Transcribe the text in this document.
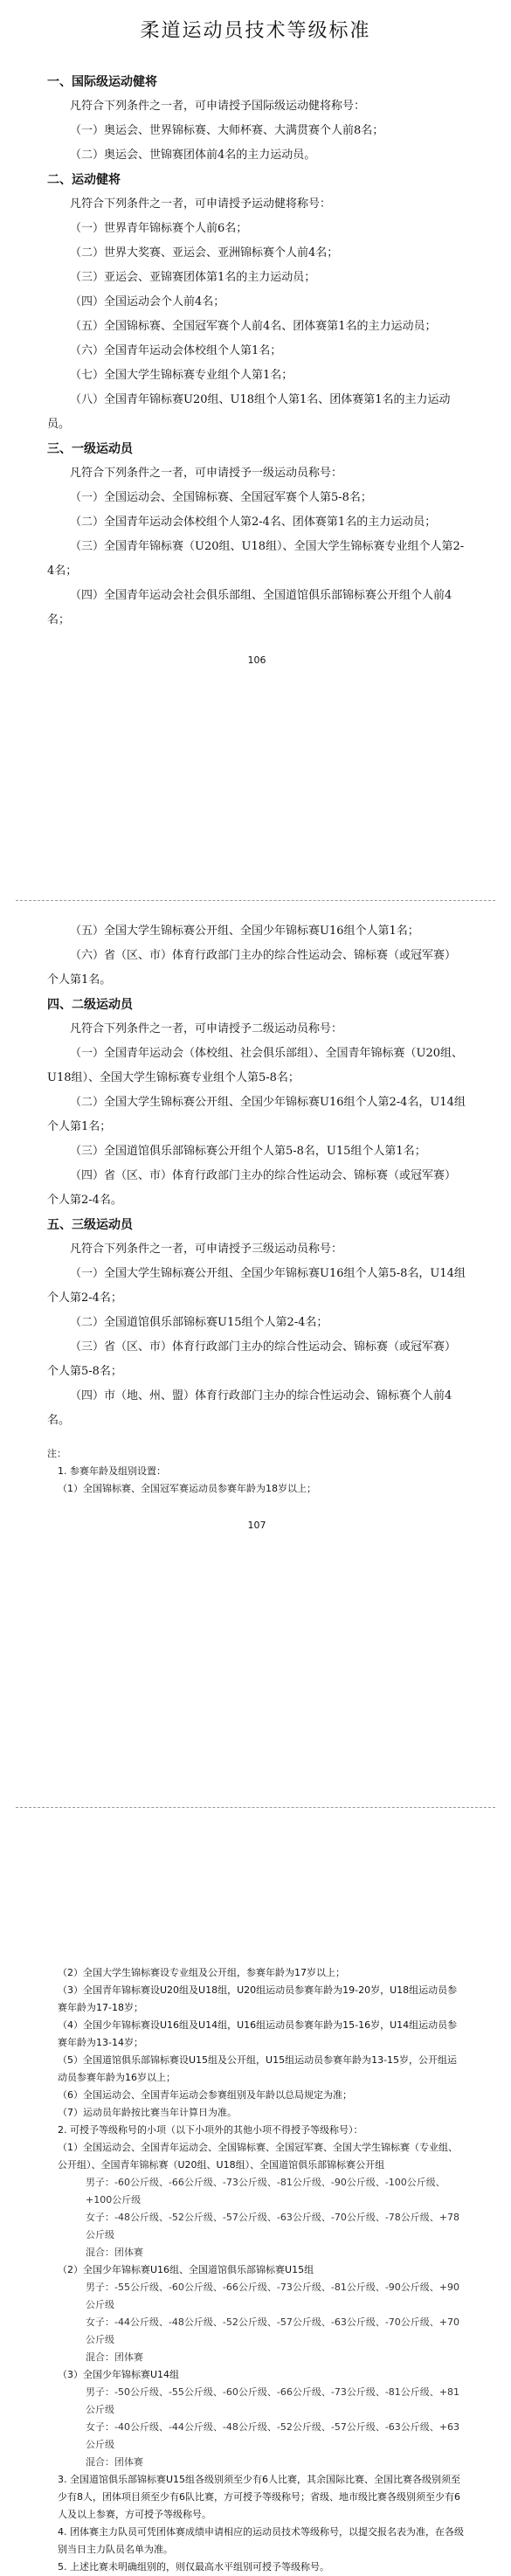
柔道运动员技术等级标准

一、国际级运动健将

凡符合下列条件之一者，可申请授予国际级运动健将称号：

（一）奥运会、世界锦标赛、大师杯赛、大满贯赛个人前8名；

（二）奥运会、世锦赛团体前4名的主力运动员。

二、运动健将

凡符合下列条件之一者，可申请授予运动健将称号：

（一）世界青年锦标赛个人前6名；

（二）世界大奖赛、亚运会、亚洲锦标赛个人前4名；

（三）亚运会、亚锦赛团体第1名的主力运动员；

（四）全国运动会个人前4名；

（五）全国锦标赛、全国冠军赛个人前4名、团体赛第1名的主力运动员；

（六）全国青年运动会体校组个人第1名；

（七）全国大学生锦标赛专业组个人第1名；

（八）全国青年锦标赛U20组、U18组个人第1名、团体赛第1名的主力运动员。

三、一级运动员

凡符合下列条件之一者，可申请授予一级运动员称号：

（一）全国运动会、全国锦标赛、全国冠军赛个人第5-8名；

（二）全国青年运动会体校组个人第2-4名、团体赛第1名的主力运动员；

（三）全国青年锦标赛（U20组、U18组）、全国大学生锦标赛专业组个人第2-4名；

（四）全国青年运动会社会俱乐部组、全国道馆俱乐部锦标赛公开组个人前4名；

106

（五）全国大学生锦标赛公开组、全国少年锦标赛U16组个人第1名；

（六）省（区、市）体育行政部门主办的综合性运动会、锦标赛（或冠军赛）个人第1名。

四、二级运动员

凡符合下列条件之一者，可申请授予二级运动员称号：

（一）全国青年运动会（体校组、社会俱乐部组）、全国青年锦标赛（U20组、U18组）、全国大学生锦标赛专业组个人第5-8名；

（二）全国大学生锦标赛公开组、全国少年锦标赛U16组个人第2-4名，U14组个人第1名；

（三）全国道馆俱乐部锦标赛公开组个人第5-8名，U15组个人第1名；

（四）省（区、市）体育行政部门主办的综合性运动会、锦标赛（或冠军赛）个人第2-4名。

五、三级运动员

凡符合下列条件之一者，可申请授予三级运动员称号：

（一）全国大学生锦标赛公开组、全国少年锦标赛U16组个人第5-8名，U14组个人第2-4名；

（二）全国道馆俱乐部锦标赛U15组个人第2-4名；

（三）省（区、市）体育行政部门主办的综合性运动会、锦标赛（或冠军赛）个人第5-8名；

（四）市（地、州、盟）体育行政部门主办的综合性运动会、锦标赛个人前4名。

注：
1. 参赛年龄及组别设置：
（1）全国锦标赛、全国冠军赛运动员参赛年龄为18岁以上；
107
（2）全国大学生锦标赛设专业组及公开组，参赛年龄为17岁以上；
（3）全国青年锦标赛设U20组及U18组，U20组运动员参赛年龄为19-20岁，U18组运动员参赛年龄为17-18岁；
（4）全国少年锦标赛设U16组及U14组，U16组运动员参赛年龄为15-16岁，U14组运动员参赛年龄为13-14岁；
（5）全国道馆俱乐部锦标赛设U15组及公开组，U15组运动员参赛年龄为13-15岁，公开组运动员参赛年龄为16岁以上；
（6）全国运动会、全国青年运动会参赛组别及年龄以总局规定为准；
（7）运动员年龄按比赛当年计算日为准。
2. 可授予等级称号的小项（以下小项外的其他小项不得授予等级称号）：
（1）全国运动会、全国青年运动会、全国锦标赛、全国冠军赛、全国大学生锦标赛（专业组、公开组）、全国青年锦标赛（U20组、U18组）、全国道馆俱乐部锦标赛公开组
男子：-60公斤级、-66公斤级、-73公斤级、-81公斤级、-90公斤级、-100公斤级、+100公斤级
女子：-48公斤级、-52公斤级、-57公斤级、-63公斤级、-70公斤级、-78公斤级、+78公斤级
混合：团体赛
（2）全国少年锦标赛U16组、全国道馆俱乐部锦标赛U15组
男子：-55公斤级、-60公斤级、-66公斤级、-73公斤级、-81公斤级、-90公斤级、+90公斤级
女子：-44公斤级、-48公斤级、-52公斤级、-57公斤级、-63公斤级、-70公斤级、+70公斤级
混合：团体赛
（3）全国少年锦标赛U14组
男子：-50公斤级、-55公斤级、-60公斤级、-66公斤级、-73公斤级、-81公斤级、+81公斤级
女子：-40公斤级、-44公斤级、-48公斤级、-52公斤级、-57公斤级、-63公斤级、+63公斤级
混合：团体赛
3. 全国道馆俱乐部锦标赛U15组各级别须至少有6人比赛，其余国际比赛、全国比赛各级别须至少有8人，团体项目须至少有6队比赛，方可授予等级称号；省级、地市级比赛各级别须至少有6人及以上参赛，方可授予等级称号。
4. 团体赛主力队员可凭团体赛成绩申请相应的运动员技术等级称号，以提交报名表为准，在各级别当日主力队员名单为准。
5. 上述比赛未明确组别的，则仅最高水平组别可授予等级称号。
